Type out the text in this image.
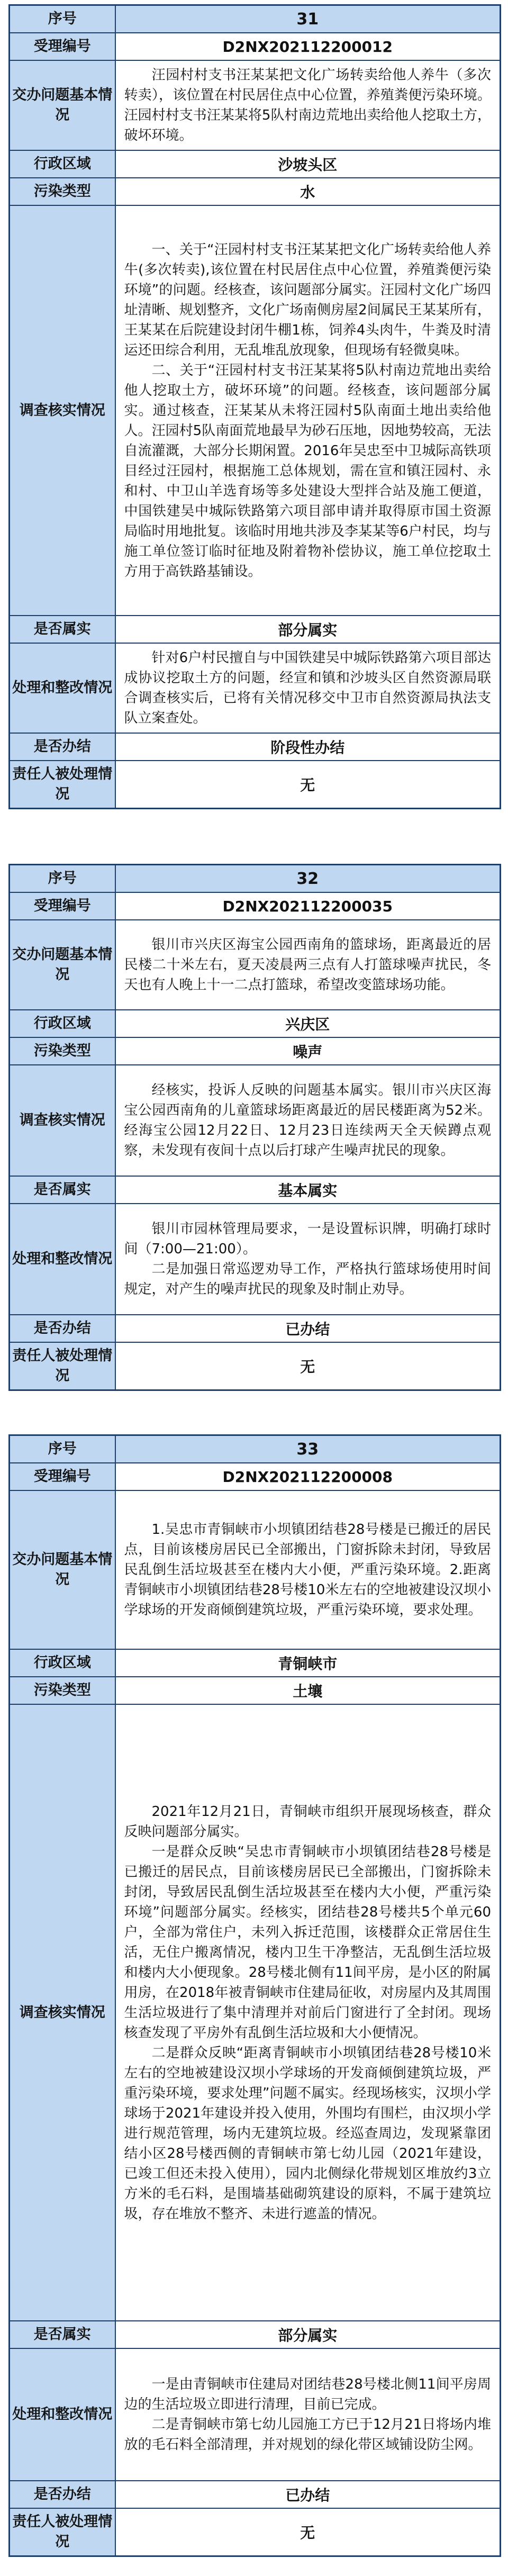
序号	31
受理编号	D2NX202112200012
交办问题基本情况	汪园村村支书汪某某把文化广场转卖给他人养牛（多次转卖），该位置在村民居住点中心位置，养殖粪便污染环境。汪园村村支书汪某某将5队村南边荒地出卖给他人挖取土方，破坏环境。

行政区域	沙坡头区
污染类型	水
调查核实情况	一、关于“汪园村村支书汪某某把文化广场转卖给他人养牛(多次转卖),该位置在村民居住点中心位置，养殖粪便污染环境”的问题。经核查，该问题部分属实。汪园村文化广场四址清晰、规划整齐，文化广场南侧房屋2间属民王某某所有，王某某在后院建设封闭牛棚1栋，饲养4头肉牛，牛粪及时清运还田综合利用，无乱堆乱放现象，但现场有轻微臭味。

二、关于“汪园村村支书汪某某将5队村南边荒地出卖给他人挖取土方，破坏环境”的问题。经核查，该问题部分属实。通过核查，汪某某从未将汪园村5队南面土地出卖给他人。汪园村5队南面荒地最早为砂石压地，因地势较高，无法自流灌溉，大部分长期闲置。2016年吴忠至中卫城际高铁项目经过汪园村，根据施工总体规划，需在宣和镇汪园村、永和村、中卫山羊选育场等多处建设大型拌合站及施工便道，中国铁建吴中城际铁路第六项目部申请并取得原市国土资源局临时用地批复。该临时用地共涉及李某某等6户村民，均与施工单位签订临时征地及附着物补偿协议，施工单位挖取土方用于高铁路基铺设。

是否属实	部分属实
处理和整改情况	针对6户村民擅自与中国铁建吴中城际铁路第六项目部达成协议挖取土方的问题，经宣和镇和沙坡头区自然资源局联合调查核实后，已将有关情况移交中卫市自然资源局执法支队立案查处。

是否办结	阶段性办结
责任人被处理情况	无
序号	32
受理编号	D2NX202112200035
交办问题基本情况	银川市兴庆区海宝公园西南角的篮球场，距离最近的居民楼二十米左右，夏天凌晨两三点有人打篮球噪声扰民，冬天也有人晚上十一二点打篮球，希望改变篮球场功能。

行政区域	兴庆区
污染类型	噪声
调查核实情况	经核实，投诉人反映的问题基本属实。银川市兴庆区海宝公园西南角的儿童篮球场距离最近的居民楼距离为52米。经海宝公园12月22日、12月23日连续两天全天候蹲点观察，未发现有夜间十点以后打球产生噪声扰民的现象。

是否属实	基本属实
处理和整改情况	银川市园林管理局要求，一是设置标识牌，明确打球时间（7:00—21:00）。

二是加强日常巡逻劝导工作，严格执行篮球场使用时间规定，对产生的噪声扰民的现象及时制止劝导。

是否办结	已办结
责任人被处理情况	无
序号	33
受理编号	D2NX202112200008
交办问题基本情况	1.吴忠市青铜峡市小坝镇团结巷28号楼是已搬迁的居民点，目前该楼房居民已全部搬出，门窗拆除未封闭，导致居民乱倒生活垃圾甚至在楼内大小便，严重污染环境。2.距离青铜峡市小坝镇团结巷28号楼10米左右的空地被建设汉坝小学球场的开发商倾倒建筑垃圾，严重污染环境，要求处理。

行政区域	青铜峡市
污染类型	土壤
调查核实情况	2021年12月21日，青铜峡市组织开展现场核查，群众反映问题部分属实。

一是群众反映“吴忠市青铜峡市小坝镇团结巷28号楼是已搬迁的居民点，目前该楼房居民已全部搬出，门窗拆除未封闭，导致居民乱倒生活垃圾甚至在楼内大小便，严重污染环境”问题部分属实。经核实，团结巷28号楼共5个单元60户，全部为常住户，未列入拆迁范围，该楼群众正常居住生活，无住户搬离情况，楼内卫生干净整洁，无乱倒生活垃圾和楼内大小便现象。28号楼北侧有11间平房，是小区的附属用房，在2018年被青铜峡市住建局征收，对房屋内及其周围生活垃圾进行了集中清理并对前后门窗进行了全封闭。现场核查发现了平房外有乱倒生活垃圾和大小便情况。

二是群众反映“距离青铜峡市小坝镇团结巷28号楼10米左右的空地被建设汉坝小学球场的开发商倾倒建筑垃圾，严重污染环境，要求处理”问题不属实。经现场核实，汉坝小学球场于2021年建设并投入使用，外围均有围栏，由汉坝小学进行规范管理，场内无建筑垃圾。经巡查周边，发现紧靠团结小区28号楼西侧的青铜峡市第七幼儿园（2021年建设，已竣工但还未投入使用），园内北侧绿化带规划区堆放约3立方米的毛石料，是围墙基础砌筑建设的原料，不属于建筑垃圾，存在堆放不整齐、未进行遮盖的情况。

是否属实	部分属实
处理和整改情况	一是由青铜峡市住建局对团结巷28号楼北侧11间平房周边的生活垃圾立即进行清理，目前已完成。

二是青铜峡市第七幼儿园施工方已于12月21日将场内堆放的毛石料全部清理，并对规划的绿化带区域铺设防尘网。

是否办结	已办结
责任人被处理情况	无
